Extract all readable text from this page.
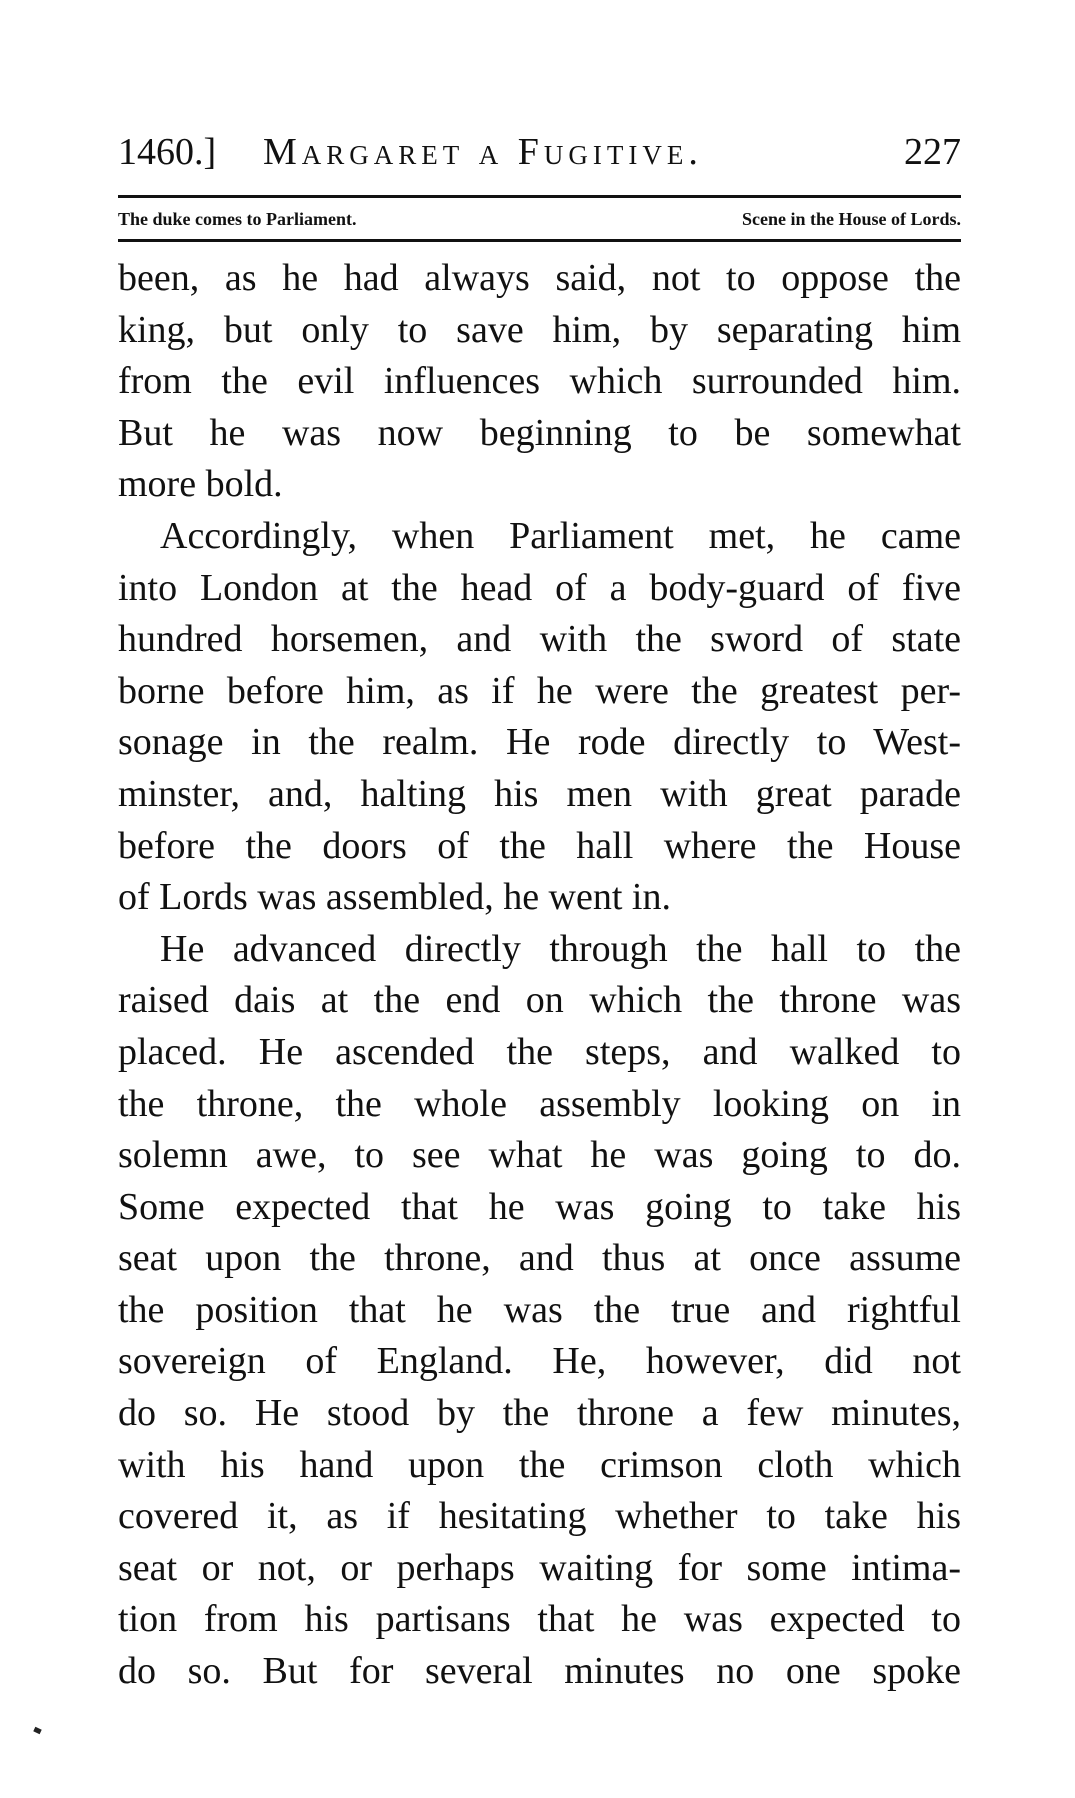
1460.] Margaret a Fugitive.	227
The duke comes to Parliament.	Scene in the House of Lords.
been, as he had always said, not to oppose the
king, but only to save him, by separating him
from the evil influences which surrounded him.
But he was now beginning to be somewhat
more bold.
Accordingly, when Parliament met, he came
into London at the head of a body-guard of five
hundred horsemen, and with the sword of state
borne before him, as if he were the greatest per-
sonage in the realm. He rode directly to West-
minster, and, halting his men with great parade
before the doors of the hall where the House
of Lords was assembled, he went in.
He advanced directly through the hall to the
raised dais at the end on which the throne was
placed. He ascended the steps, and walked to
the throne, the whole assembly looking on in
solemn awe, to see what he was going to do.
Some expected that he was going to take his
seat upon the throne, and thus at once assume
the position that he was the true and rightful
sovereign of England. He, however, did not
do so. He stood by the throne a few minutes,
with his hand upon the crimson cloth which
covered it, as if hesitating whether to take his
seat or not, or perhaps waiting for some intima-
tion from his partisans that he was expected to
do so. But for several minutes no one spoke
